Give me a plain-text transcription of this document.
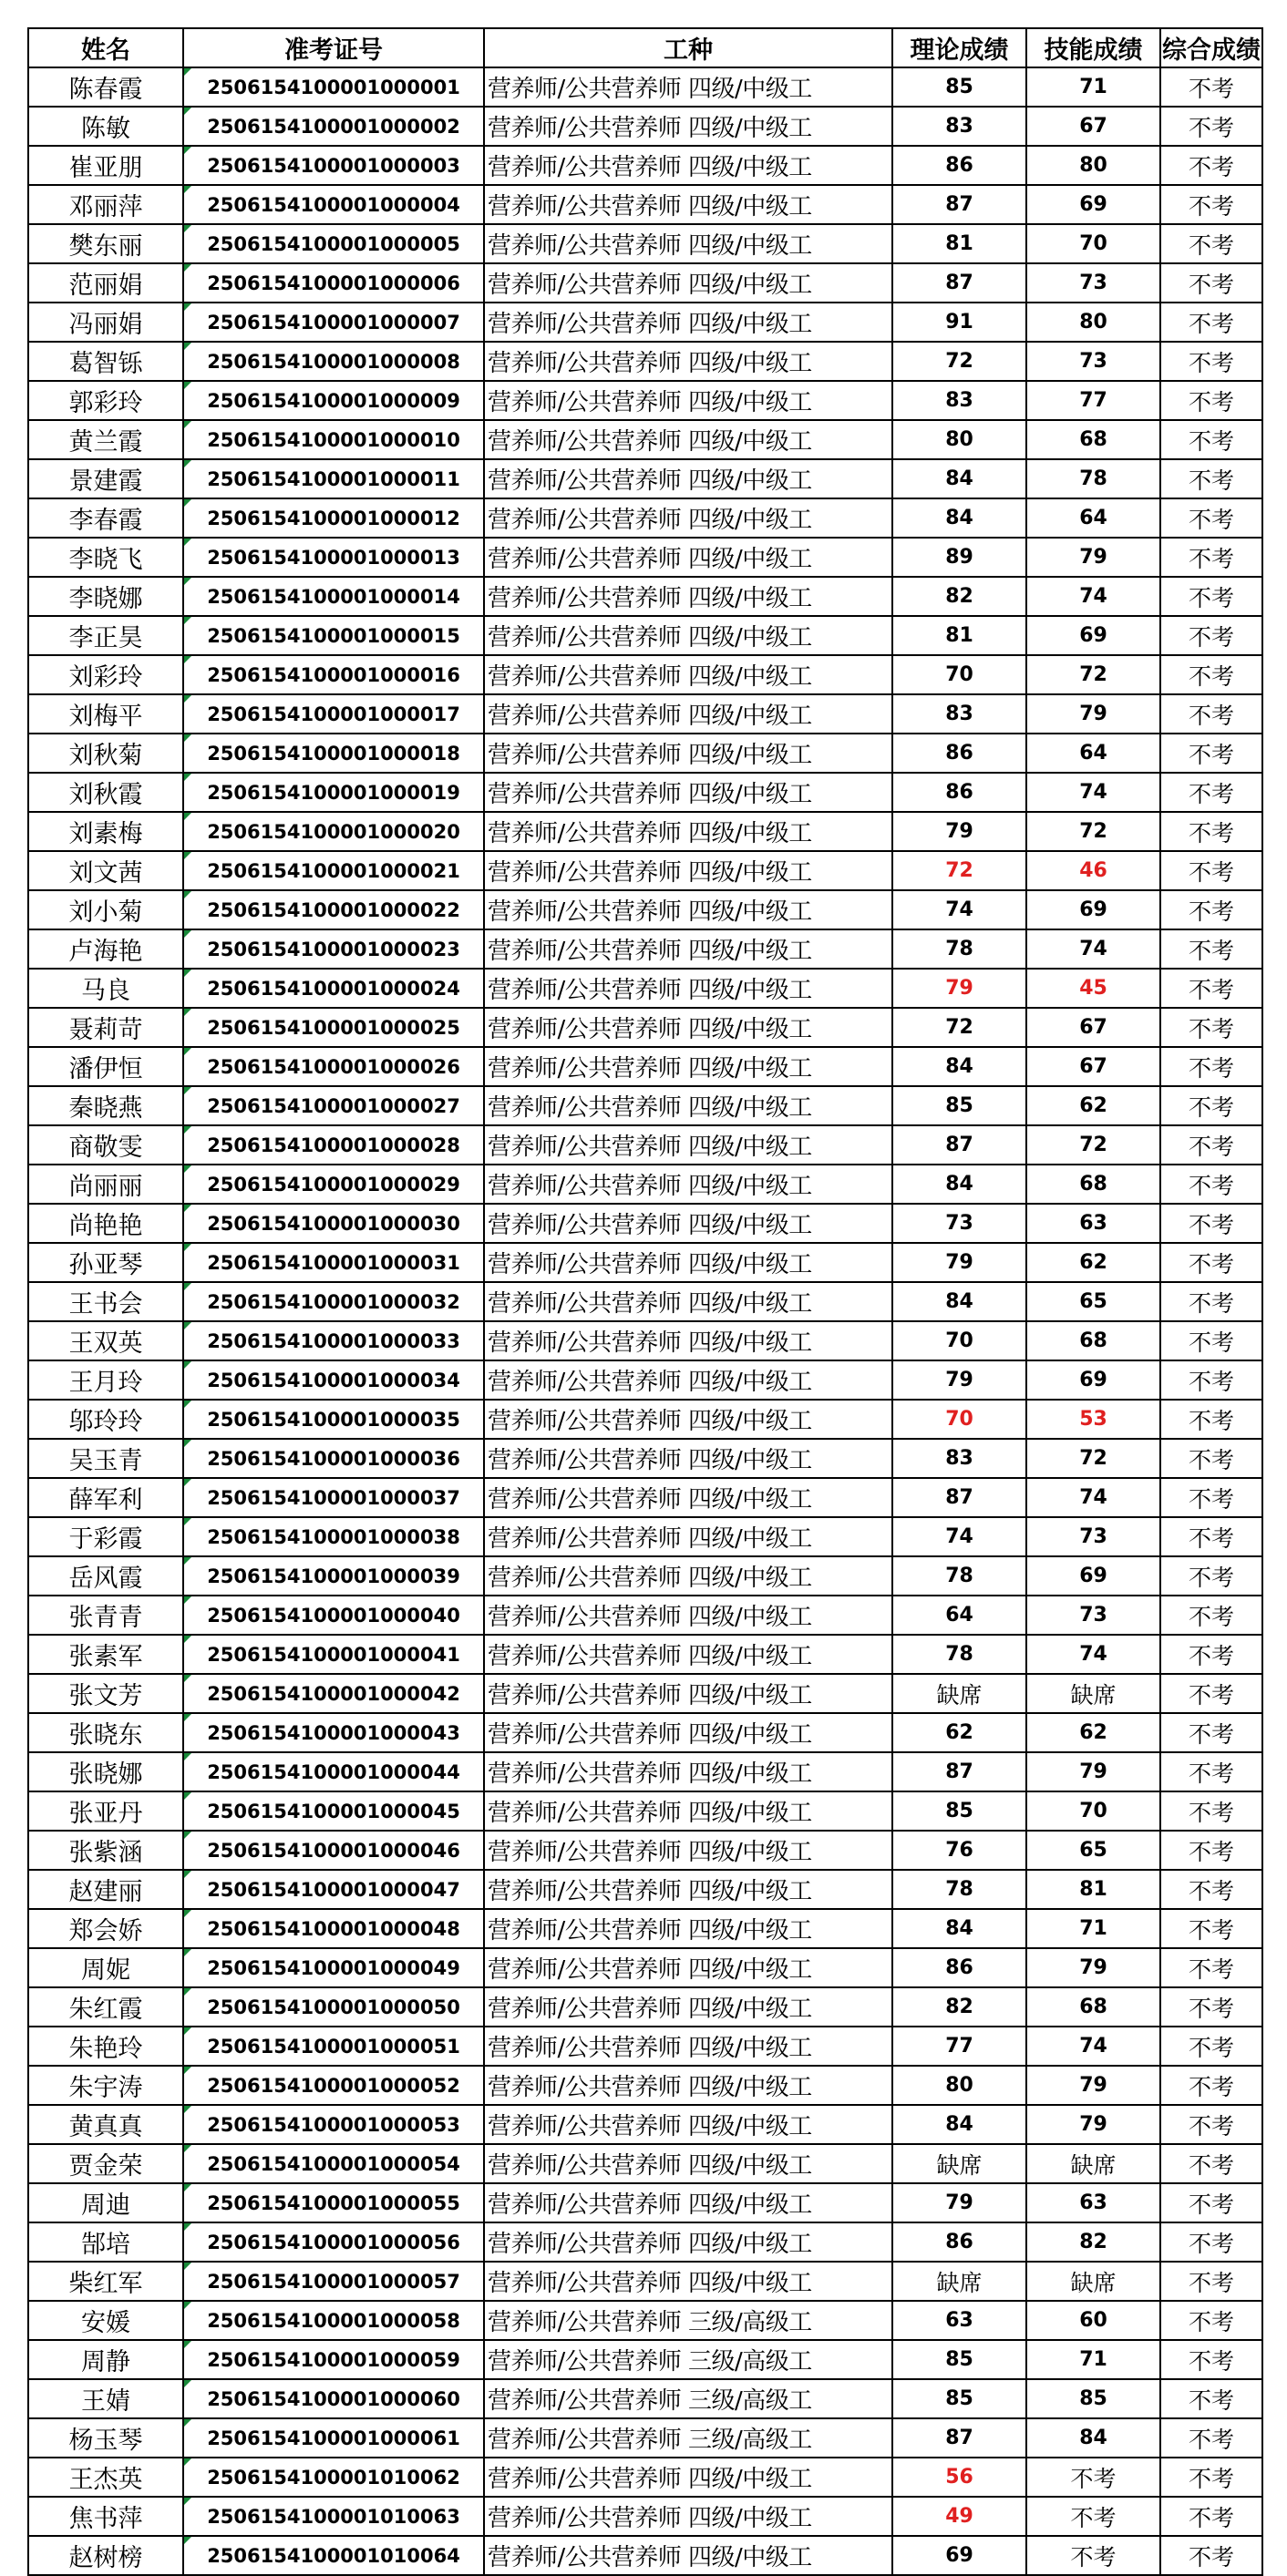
姓名	准考证号	工种	理论成绩	技能成绩	综合成绩
陈春霞	2506154100001000001	营养师/公共营养师 四级/中级工	85	71	不考
陈敏	2506154100001000002	营养师/公共营养师 四级/中级工	83	67	不考
崔亚朋	2506154100001000003	营养师/公共营养师 四级/中级工	86	80	不考
邓丽萍	2506154100001000004	营养师/公共营养师 四级/中级工	87	69	不考
樊东丽	2506154100001000005	营养师/公共营养师 四级/中级工	81	70	不考
范丽娟	2506154100001000006	营养师/公共营养师 四级/中级工	87	73	不考
冯丽娟	2506154100001000007	营养师/公共营养师 四级/中级工	91	80	不考
葛智铄	2506154100001000008	营养师/公共营养师 四级/中级工	72	73	不考
郭彩玲	2506154100001000009	营养师/公共营养师 四级/中级工	83	77	不考
黄兰霞	2506154100001000010	营养师/公共营养师 四级/中级工	80	68	不考
景建霞	2506154100001000011	营养师/公共营养师 四级/中级工	84	78	不考
李春霞	2506154100001000012	营养师/公共营养师 四级/中级工	84	64	不考
李晓飞	2506154100001000013	营养师/公共营养师 四级/中级工	89	79	不考
李晓娜	2506154100001000014	营养师/公共营养师 四级/中级工	82	74	不考
李正昊	2506154100001000015	营养师/公共营养师 四级/中级工	81	69	不考
刘彩玲	2506154100001000016	营养师/公共营养师 四级/中级工	70	72	不考
刘梅平	2506154100001000017	营养师/公共营养师 四级/中级工	83	79	不考
刘秋菊	2506154100001000018	营养师/公共营养师 四级/中级工	86	64	不考
刘秋霞	2506154100001000019	营养师/公共营养师 四级/中级工	86	74	不考
刘素梅	2506154100001000020	营养师/公共营养师 四级/中级工	79	72	不考
刘文茜	2506154100001000021	营养师/公共营养师 四级/中级工	72	46	不考
刘小菊	2506154100001000022	营养师/公共营养师 四级/中级工	74	69	不考
卢海艳	2506154100001000023	营养师/公共营养师 四级/中级工	78	74	不考
马良	2506154100001000024	营养师/公共营养师 四级/中级工	79	45	不考
聂莉苛	2506154100001000025	营养师/公共营养师 四级/中级工	72	67	不考
潘伊恒	2506154100001000026	营养师/公共营养师 四级/中级工	84	67	不考
秦晓燕	2506154100001000027	营养师/公共营养师 四级/中级工	85	62	不考
商敬雯	2506154100001000028	营养师/公共营养师 四级/中级工	87	72	不考
尚丽丽	2506154100001000029	营养师/公共营养师 四级/中级工	84	68	不考
尚艳艳	2506154100001000030	营养师/公共营养师 四级/中级工	73	63	不考
孙亚琴	2506154100001000031	营养师/公共营养师 四级/中级工	79	62	不考
王书会	2506154100001000032	营养师/公共营养师 四级/中级工	84	65	不考
王双英	2506154100001000033	营养师/公共营养师 四级/中级工	70	68	不考
王月玲	2506154100001000034	营养师/公共营养师 四级/中级工	79	69	不考
邬玲玲	2506154100001000035	营养师/公共营养师 四级/中级工	70	53	不考
吴玉青	2506154100001000036	营养师/公共营养师 四级/中级工	83	72	不考
薛军利	2506154100001000037	营养师/公共营养师 四级/中级工	87	74	不考
于彩霞	2506154100001000038	营养师/公共营养师 四级/中级工	74	73	不考
岳风霞	2506154100001000039	营养师/公共营养师 四级/中级工	78	69	不考
张青青	2506154100001000040	营养师/公共营养师 四级/中级工	64	73	不考
张素军	2506154100001000041	营养师/公共营养师 四级/中级工	78	74	不考
张文芳	2506154100001000042	营养师/公共营养师 四级/中级工	缺席	缺席	不考
张晓东	2506154100001000043	营养师/公共营养师 四级/中级工	62	62	不考
张晓娜	2506154100001000044	营养师/公共营养师 四级/中级工	87	79	不考
张亚丹	2506154100001000045	营养师/公共营养师 四级/中级工	85	70	不考
张紫涵	2506154100001000046	营养师/公共营养师 四级/中级工	76	65	不考
赵建丽	2506154100001000047	营养师/公共营养师 四级/中级工	78	81	不考
郑会娇	2506154100001000048	营养师/公共营养师 四级/中级工	84	71	不考
周妮	2506154100001000049	营养师/公共营养师 四级/中级工	86	79	不考
朱红霞	2506154100001000050	营养师/公共营养师 四级/中级工	82	68	不考
朱艳玲	2506154100001000051	营养师/公共营养师 四级/中级工	77	74	不考
朱宇涛	2506154100001000052	营养师/公共营养师 四级/中级工	80	79	不考
黄真真	2506154100001000053	营养师/公共营养师 四级/中级工	84	79	不考
贾金荣	2506154100001000054	营养师/公共营养师 四级/中级工	缺席	缺席	不考
周迪	2506154100001000055	营养师/公共营养师 四级/中级工	79	63	不考
郜培	2506154100001000056	营养师/公共营养师 四级/中级工	86	82	不考
柴红军	2506154100001000057	营养师/公共营养师 四级/中级工	缺席	缺席	不考
安媛	2506154100001000058	营养师/公共营养师 三级/高级工	63	60	不考
周静	2506154100001000059	营养师/公共营养师 三级/高级工	85	71	不考
王婧	2506154100001000060	营养师/公共营养师 三级/高级工	85	85	不考
杨玉琴	2506154100001000061	营养师/公共营养师 三级/高级工	87	84	不考
王杰英	2506154100001010062	营养师/公共营养师 四级/中级工	56	不考	不考
焦书萍	2506154100001010063	营养师/公共营养师 四级/中级工	49	不考	不考
赵树榜	2506154100001010064	营养师/公共营养师 四级/中级工	69	不考	不考
